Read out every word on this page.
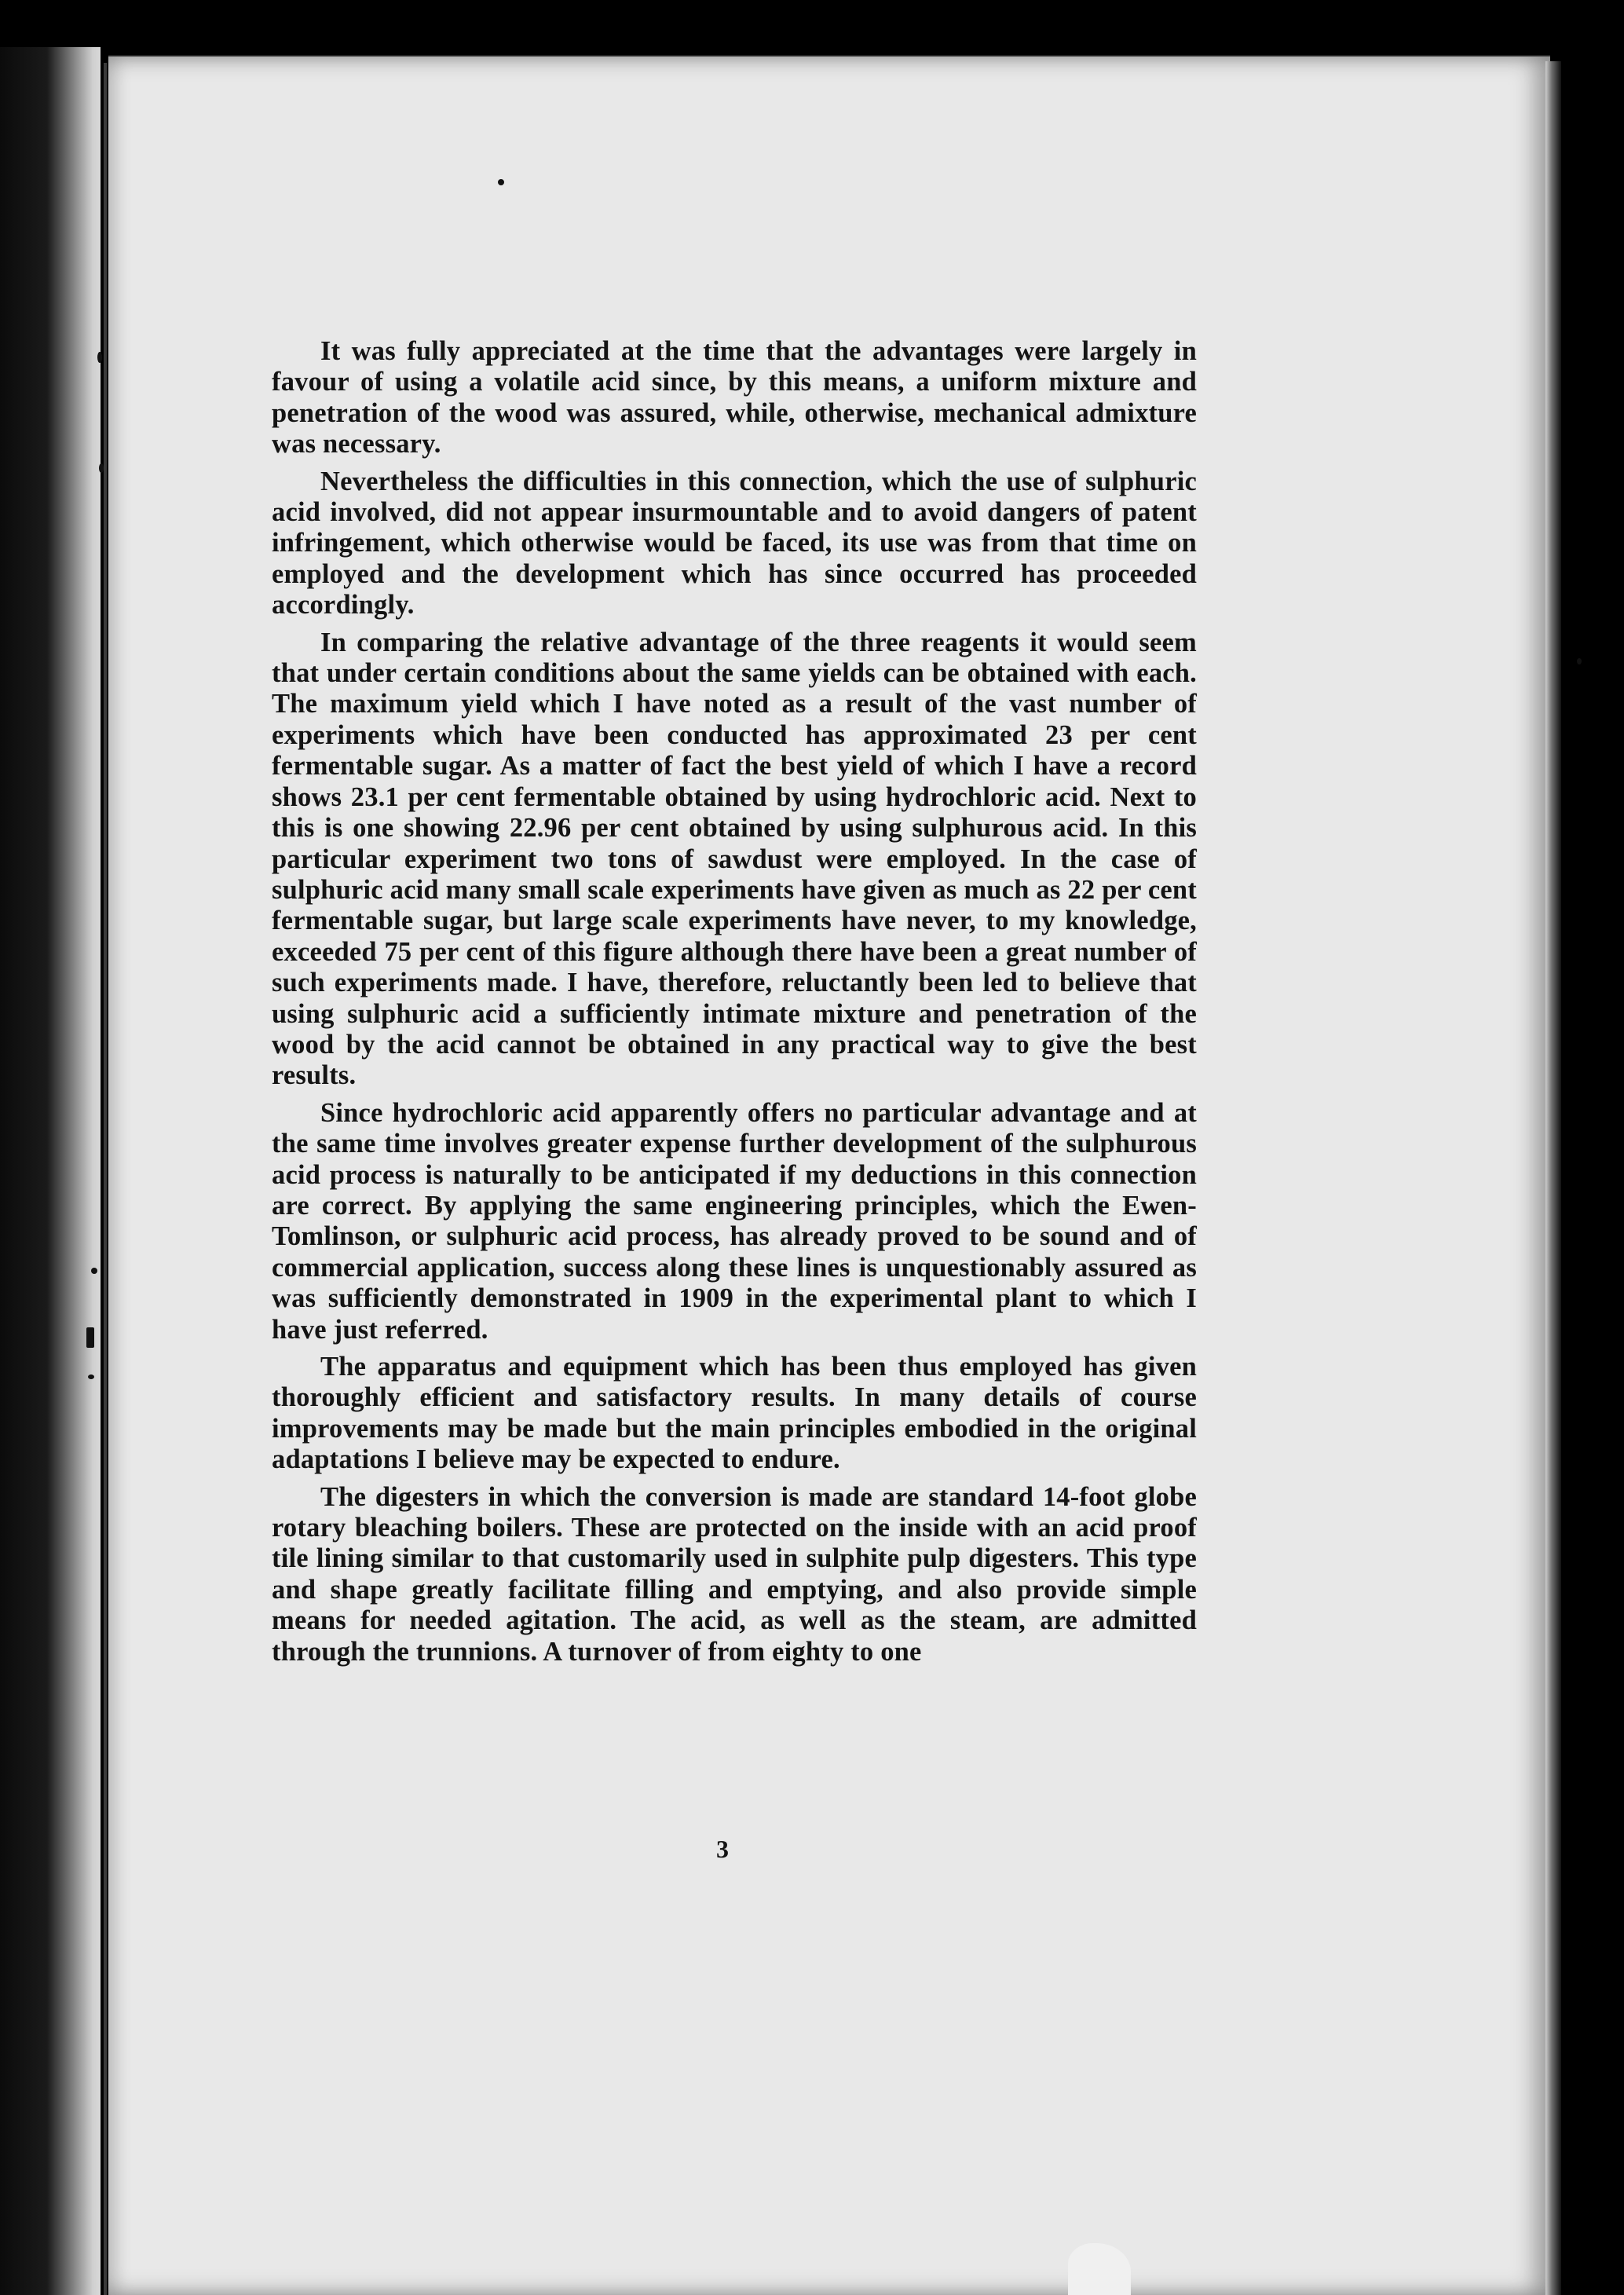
It was fully appreciated at the time that the advantages were largely in favour of using a volatile acid since, by this means, a uniform mixture and penetration of the wood was assured, while, otherwise, mechanical admixture was necessary.

Nevertheless the difficulties in this connection, which the use of sulphuric acid involved, did not appear insurmountable and to avoid dangers of patent infringement, which otherwise would be faced, its use was from that time on employed and the development which has since occurred has proceeded accordingly.

In comparing the relative advantage of the three reagents it would seem that under certain conditions about the same yields can be obtained with each. The maximum yield which I have noted as a result of the vast number of experiments which have been conducted has approximated 23 per cent fermentable sugar. As a matter of fact the best yield of which I have a record shows 23.1 per cent fermentable obtained by using hydrochloric acid. Next to this is one showing 22.96 per cent obtained by using sulphurous acid. In this particular experiment two tons of sawdust were employed. In the case of sulphuric acid many small scale experiments have given as much as 22 per cent fermentable sugar, but large scale experiments have never, to my knowledge, exceeded 75 per cent of this figure although there have been a great number of such experiments made. I have, therefore, reluctantly been led to believe that using sulphuric acid a sufficiently intimate mixture and penetration of the wood by the acid cannot be obtained in any practical way to give the best results.

Since hydrochloric acid apparently offers no particular advantage and at the same time involves greater expense further development of the sulphurous acid process is naturally to be anticipated if my deductions in this connection are correct. By applying the same engineering principles, which the Ewen-Tomlinson, or sulphuric acid process, has already proved to be sound and of commercial application, success along these lines is unquestionably assured as was sufficiently demonstrated in 1909 in the experimental plant to which I have just referred.

The apparatus and equipment which has been thus employed has given thoroughly efficient and satisfactory results. In many details of course improvements may be made but the main principles embodied in the original adaptations I believe may be expected to endure.

The digesters in which the conversion is made are standard 14-foot globe rotary bleaching boilers. These are protected on the inside with an acid proof tile lining similar to that customarily used in sulphite pulp digesters. This type and shape greatly facilitate filling and emptying, and also provide simple means for needed agitation. The acid, as well as the steam, are admitted through the trunnions. A turnover of from eighty to one

3
